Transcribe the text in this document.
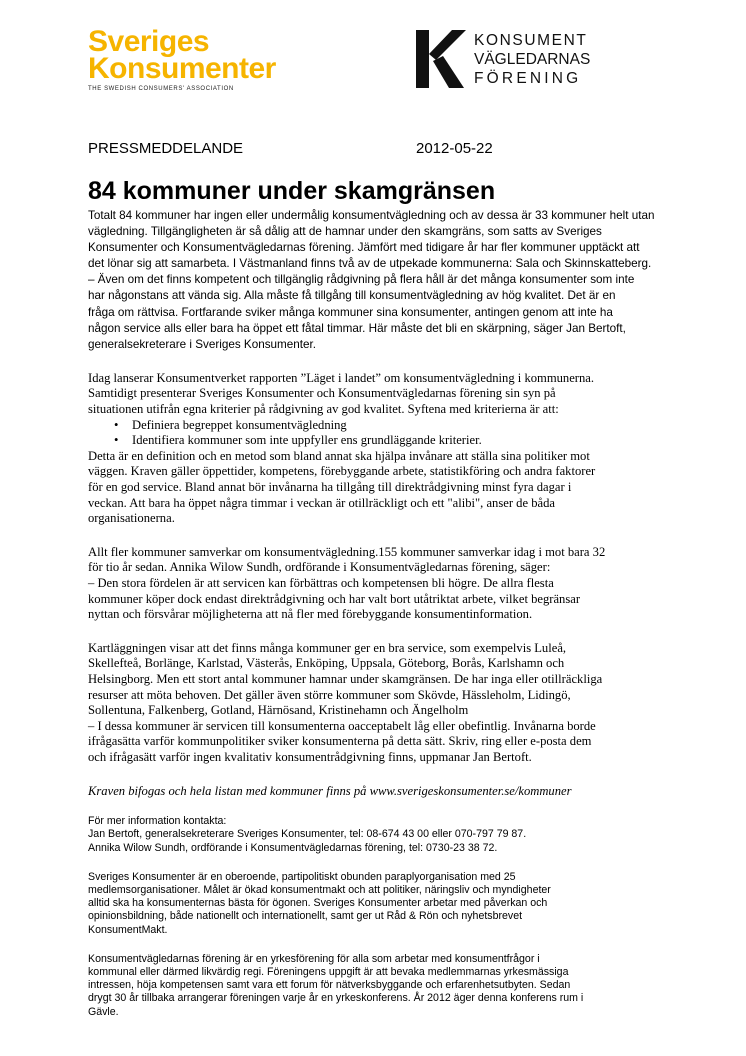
Sveriges
Konsumenter
THE SWEDISH CONSUMERS' ASSOCIATION
KONSUMENT
VÄGLEDARNAS
FÖRENING
PRESSMEDDELANDE	2012-05-22
84 kommuner under skamgränsen
Totalt 84 kommuner har ingen eller undermålig konsumentvägledning och av dessa är 33 kommuner helt utan
vägledning. Tillgängligheten är så dålig att de hamnar under den skamgräns, som satts av Sveriges
Konsumenter och Konsumentvägledarnas förening. Jämfört med tidigare år har fler kommuner upptäckt att
det lönar sig att samarbeta. I Västmanland finns två av de utpekade kommunerna: Sala och Skinnskatteberg.
– Även om det finns kompetent och tillgänglig rådgivning på flera håll är det många konsumenter som inte
har någonstans att vända sig. Alla måste få tillgång till konsumentvägledning av hög kvalitet. Det är en
fråga om rättvisa. Fortfarande sviker många kommuner sina konsumenter, antingen genom att inte ha
någon service alls eller bara ha öppet ett fåtal timmar. Här måste det bli en skärpning, säger Jan Bertoft,
generalsekreterare i Sveriges Konsumenter.
Idag lanserar Konsumentverket rapporten ”Läget i landet” om konsumentvägledning i kommunerna.
Samtidigt presenterar Sveriges Konsumenter och Konsumentvägledarnas förening sin syn på
situationen utifrån egna kriterier på rådgivning av god kvalitet. Syftena med kriterierna är att:
• Definiera begreppet konsumentvägledning
• Identifiera kommuner som inte uppfyller ens grundläggande kriterier.
Detta är en definition och en metod som bland annat ska hjälpa invånare att ställa sina politiker mot
väggen. Kraven gäller öppettider, kompetens, förebyggande arbete, statistikföring och andra faktorer
för en god service. Bland annat bör invånarna ha tillgång till direktrådgivning minst fyra dagar i
veckan. Att bara ha öppet några timmar i veckan är otillräckligt och ett "alibi", anser de båda
organisationerna.
Allt fler kommuner samverkar om konsumentvägledning.155 kommuner samverkar idag i mot bara 32
för tio år sedan. Annika Wilow Sundh, ordförande i Konsumentvägledarnas förening, säger:
– Den stora fördelen är att servicen kan förbättras och kompetensen bli högre. De allra flesta
kommuner köper dock endast direktrådgivning och har valt bort utåtriktat arbete, vilket begränsar
nyttan och försvårar möjligheterna att nå fler med förebyggande konsumentinformation.
Kartläggningen visar att det finns många kommuner ger en bra service, som exempelvis Luleå,
Skellefteå, Borlänge, Karlstad, Västerås, Enköping, Uppsala, Göteborg, Borås, Karlshamn och
Helsingborg. Men ett stort antal kommuner hamnar under skamgränsen. De har inga eller otillräckliga
resurser att möta behoven. Det gäller även större kommuner som Skövde, Hässleholm, Lidingö,
Sollentuna, Falkenberg, Gotland, Härnösand, Kristinehamn och Ängelholm
– I dessa kommuner är servicen till konsumenterna oacceptabelt låg eller obefintlig. Invånarna borde
ifrågasätta varför kommunpolitiker sviker konsumenterna på detta sätt. Skriv, ring eller e-posta dem
och ifrågasätt varför ingen kvalitativ konsumentrådgivning finns, uppmanar Jan Bertoft.
Kraven bifogas och hela listan med kommuner finns på www.sverigeskonsumenter.se/kommuner
För mer information kontakta:
Jan Bertoft, generalsekreterare Sveriges Konsumenter, tel: 08-674 43 00 eller 070-797 79 87.
Annika Wilow Sundh, ordförande i Konsumentvägledarnas förening, tel: 0730-23 38 72.
Sveriges Konsumenter är en oberoende, partipolitiskt obunden paraplyorganisation med 25
medlemsorganisationer. Målet är ökad konsumentmakt och att politiker, näringsliv och myndigheter
alltid ska ha konsumenternas bästa för ögonen. Sveriges Konsumenter arbetar med påverkan och
opinionsbildning, både nationellt och internationellt, samt ger ut Råd & Rön och nyhetsbrevet
KonsumentMakt.
Konsumentvägledarnas förening är en yrkesförening för alla som arbetar med konsumentfrågor i
kommunal eller därmed likvärdig regi. Föreningens uppgift är att bevaka medlemmarnas yrkesmässiga
intressen, höja kompetensen samt vara ett forum för nätverksbyggande och erfarenhetsutbyten. Sedan
drygt 30 år tillbaka arrangerar föreningen varje år en yrkeskonferens. År 2012 äger denna konferens rum i
Gävle.
